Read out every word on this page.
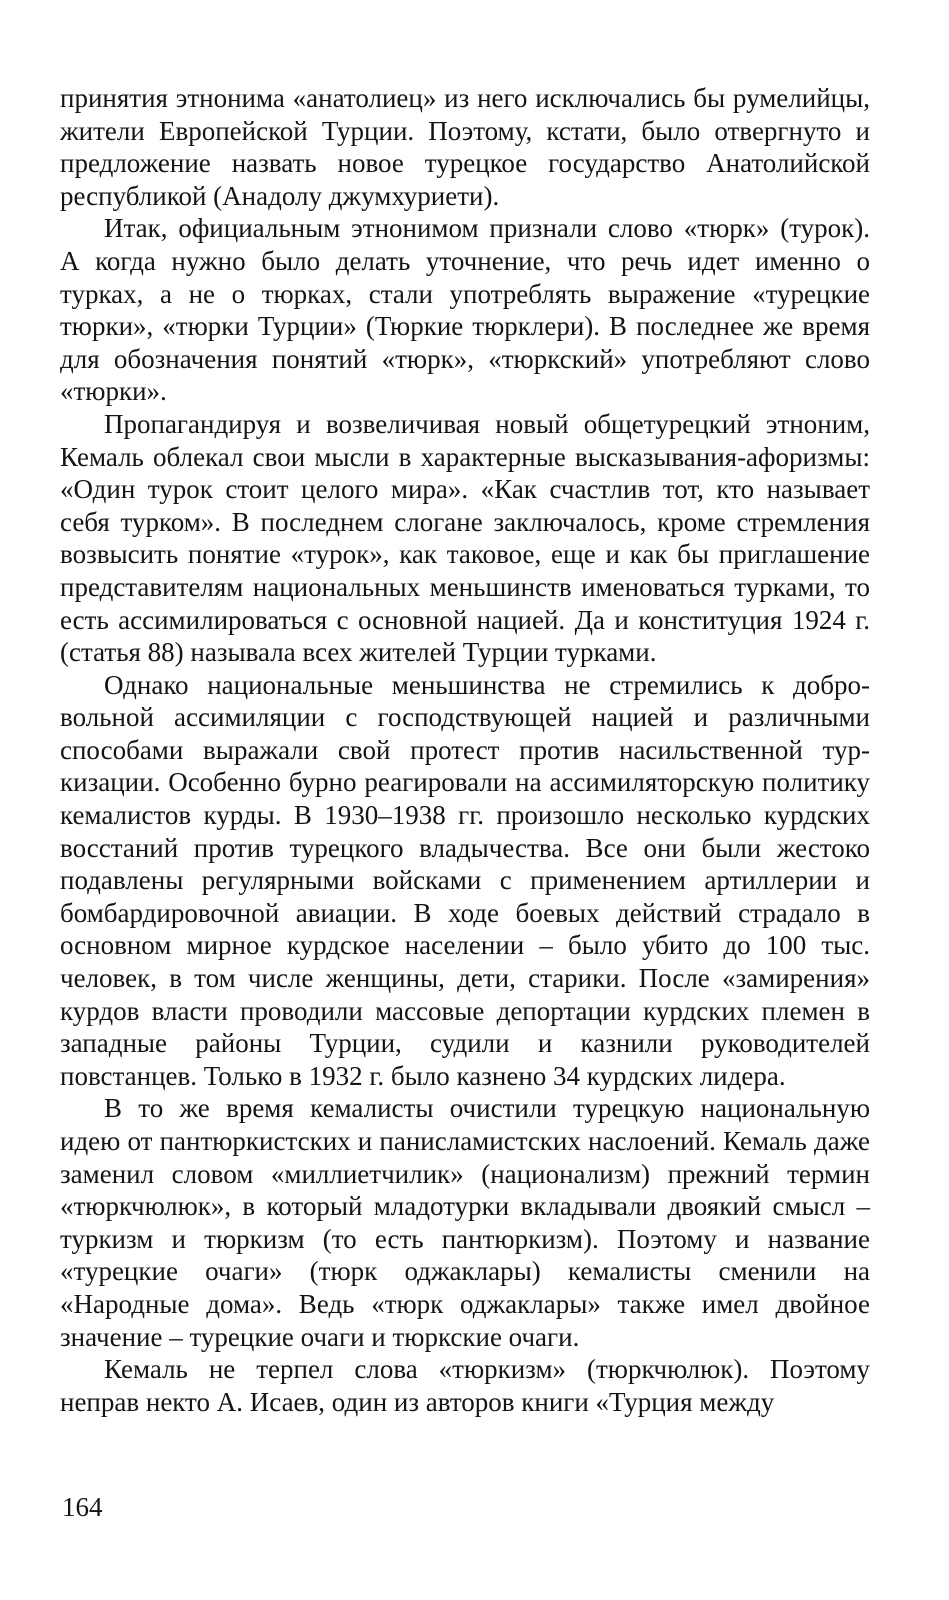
принятия этнонима «анатолиец» из него исключались бы румелийцы, жители Европейской Турции. Поэтому, кстати, было отвергнуто и предложение назвать новое турецкое государство Анатолийской республикой (Анадолу джумхуриети).

Итак, официальным этнонимом признали слово «тюрк» (турок). А когда нужно было делать уточнение, что речь идет именно о турках, а не о тюрках, стали употреблять выражение «турецкие тюрки», «тюрки Турции» (Тюркие тюрклери). В последнее же время для обозначения понятий «тюрк», «тюркский» употребляют слово «тюрки».

Пропагандируя и возвеличивая новый общетурецкий этноним, Кемаль облекал свои мысли в характерные высказывания-афоризмы: «Один турок стоит целого мира». «Как счастлив тот, кто называет себя турком». В последнем слогане заключалось, кроме стремления возвысить понятие «турок», как таковое, еще и как бы приглашение представителям национальных меньшинств именоваться турками, то есть ассимилироваться с основной нацией. Да и конституция 1924 г. (статья 88) называла всех жителей Турции турками.

Однако национальные меньшинства не стремились к добровольной ассимиляции с господствующей нацией и различными способами выражали свой протест против насильственной туркизации. Особенно бурно реагировали на ассимиляторскую политику кемалистов курды. В 1930–1938 гг. произошло несколько курдских восстаний против турецкого владычества. Все они были жестоко подавлены регулярными войсками с применением артиллерии и бомбардировочной авиации. В ходе боевых действий страдало в основном мирное курдское населении – было убито до 100 тыс. человек, в том числе женщины, дети, старики. После «замирения» курдов власти проводили массовые депортации курдских племен в западные районы Турции, судили и казнили руководителей повстанцев. Только в 1932 г. было казнено 34 курдских лидера.

В то же время кемалисты очистили турецкую национальную идею от пантюркистских и панисламистских наслоений. Кемаль даже заменил словом «миллиетчилик» (национализм) прежний термин «тюркчюлюк», в который младотурки вкладывали двоякий смысл – туркизм и тюркизм (то есть пантюркизм). Поэтому и название «турецкие очаги» (тюрк оджаклары) кемалисты сменили на «Народные дома». Ведь «тюрк оджаклары» также имел двойное значение – турецкие очаги и тюркские очаги.

Кемаль не терпел слова «тюркизм» (тюркчюлюк). Поэтому неправ некто А. Исаев, один из авторов книги «Турция между

164
